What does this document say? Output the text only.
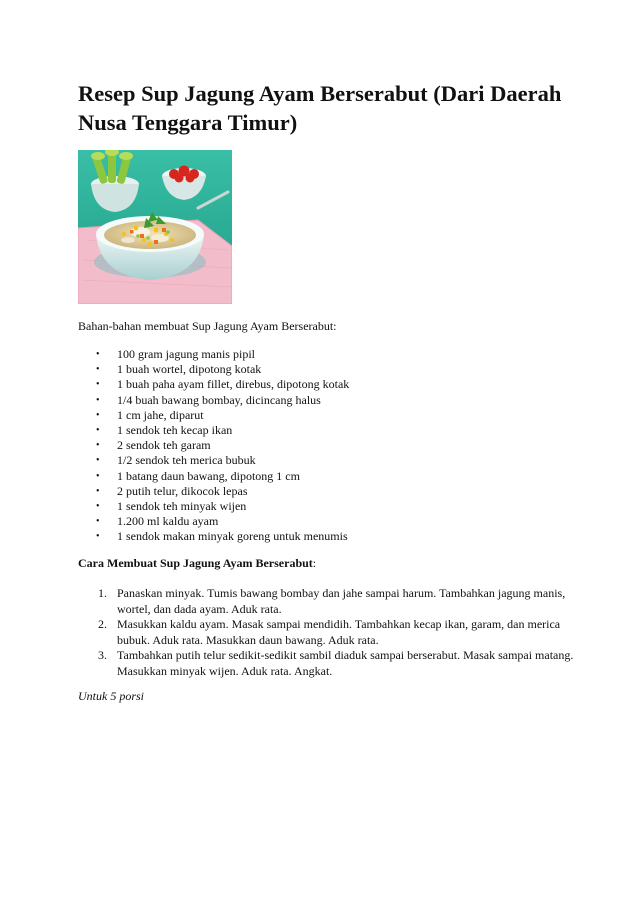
Resep Sup Jagung Ayam Berserabut (Dari Daerah Nusa Tenggara Timur)

Bahan-bahan membuat Sup Jagung Ayam Berserabut:

• 100 gram jagung manis pipil
• 1 buah wortel, dipotong kotak
• 1 buah paha ayam fillet, direbus, dipotong kotak
• 1/4 buah bawang bombay, dicincang halus
• 1 cm jahe, diparut
• 1 sendok teh kecap ikan
• 2 sendok teh garam
• 1/2 sendok teh merica bubuk
• 1 batang daun bawang, dipotong 1 cm
• 2 putih telur, dikocok lepas
• 1 sendok teh minyak wijen
• 1.200 ml kaldu ayam
• 1 sendok makan minyak goreng untuk menumis

Cara Membuat Sup Jagung Ayam Berserabut:

1. Panaskan minyak. Tumis bawang bombay dan jahe sampai harum. Tambahkan jagung manis, wortel, dan dada ayam. Aduk rata.
2. Masukkan kaldu ayam. Masak sampai mendidih. Tambahkan kecap ikan, garam, dan merica bubuk. Aduk rata. Masukkan daun bawang. Aduk rata.
3. Tambahkan putih telur sedikit-sedikit sambil diaduk sampai berserabut. Masak sampai matang. Masukkan minyak wijen. Aduk rata. Angkat.

Untuk 5 porsi
